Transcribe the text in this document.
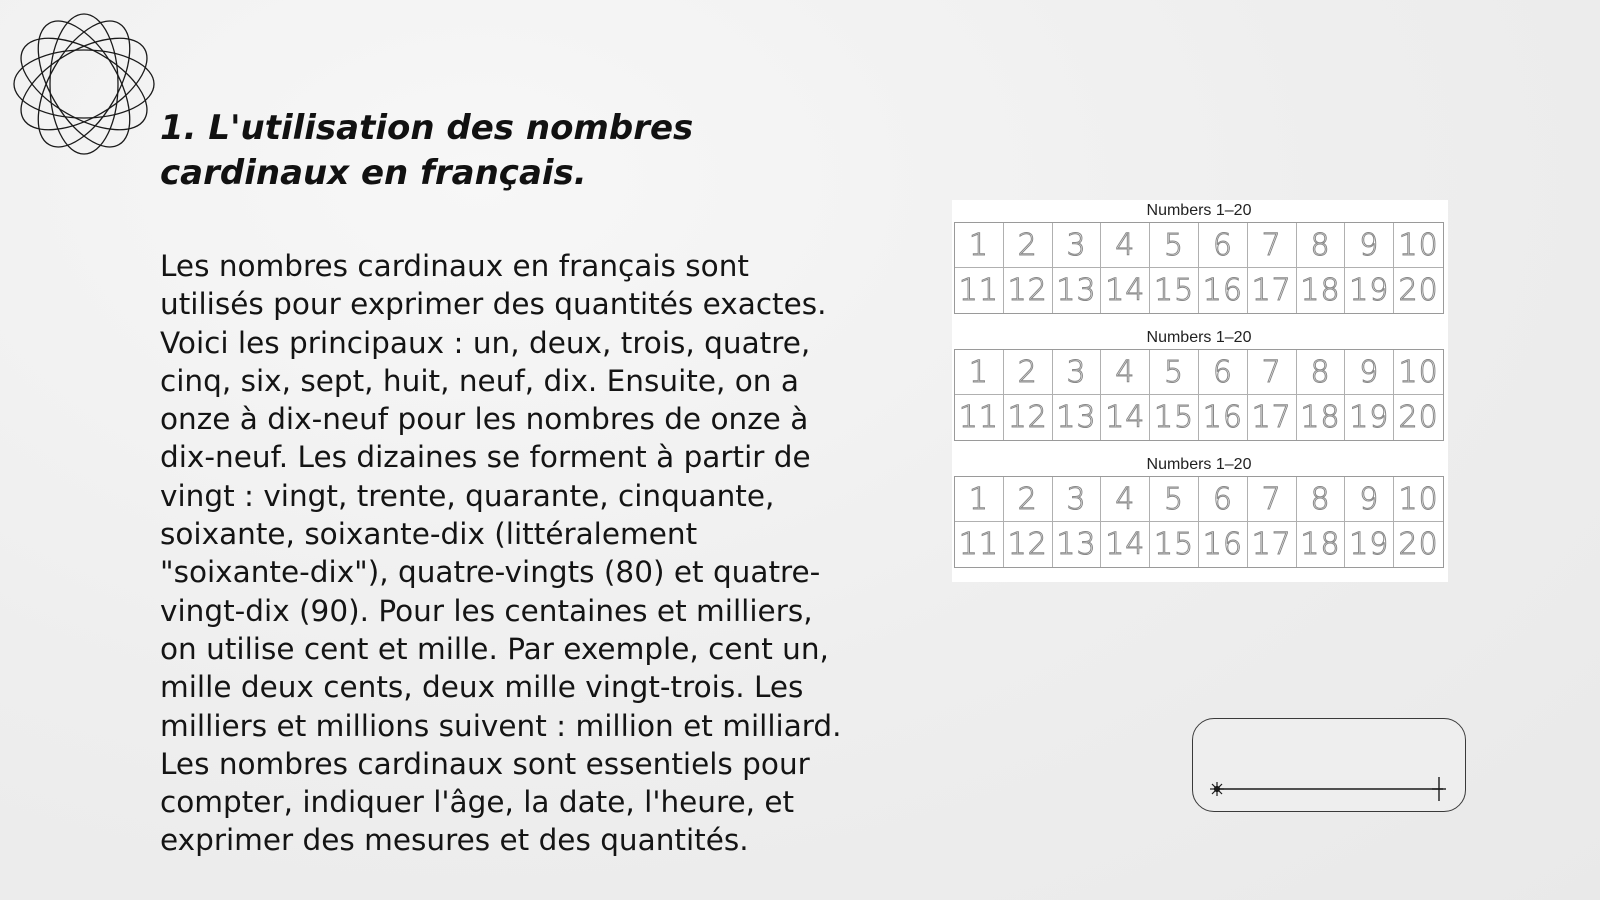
1. L'utilisation des nombres cardinaux en français.

Les nombres cardinaux en français sont utilisés pour exprimer des quantités exactes. Voici les principaux : un, deux, trois, quatre, cinq, six, sept, huit, neuf, dix. Ensuite, on a onze à dix-neuf pour les nombres de onze à dix-neuf. Les dizaines se forment à partir de vingt : vingt, trente, quarante, cinquante, soixante, soixante-dix (littéralement "soixante-dix"), quatre-vingts (80) et quatre-vingt-dix (90). Pour les centaines et milliers, on utilise cent et mille. Par exemple, cent un, mille deux cents, deux mille vingt-trois. Les milliers et millions suivent : million et milliard. Les nombres cardinaux sont essentiels pour compter, indiquer l'âge, la date, l'heure, et exprimer des mesures et des quantités.

Numbers 1–20
1 2 3 4 5 6 7 8 9 10
11 12 13 14 15 16 17 18 19 20
Numbers 1–20
1 2 3 4 5 6 7 8 9 10
11 12 13 14 15 16 17 18 19 20
Numbers 1–20
1 2 3 4 5 6 7 8 9 10
11 12 13 14 15 16 17 18 19 20
